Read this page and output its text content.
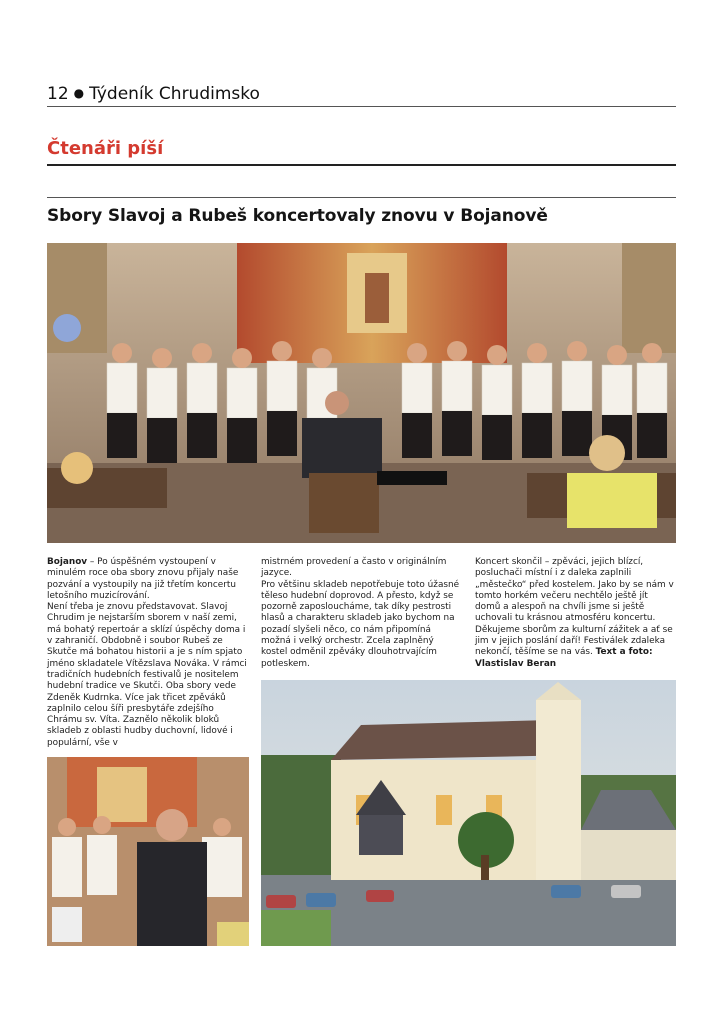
12 ● Týdeník Chrudimsko
Čtenáři píší
Sbory Slavoj a Rubeš koncertovaly znovu v Bojanově

Bojanov – Po úspěšném vystoupení v minulém roce oba sbory znovu přijaly naše pozvání a vystoupily na již třetím koncertu letošního muzicírování.

Není třeba je znovu představovat. Slavoj Chrudim je nejstarším sborem v naší zemi, má bohatý repertoár a sklízí úspěchy doma i v zahraničí. Obdobně i soubor Rubeš ze Skutče má bohatou historii a je s ním spjato jméno skladatele Vítězslava Nováka. V rámci tradičních hudebních festivalů je nositelem hudební tradice ve Skutči. Oba sbory vede Zdeněk Kudrnka. Více jak třicet zpěváků zaplnilo celou šíři presbytáře zdejšího Chrámu sv. Víta. Zaznělo několik bloků skladeb z oblasti hudby duchovní, lidové i populární, vše v

mistrném provedení a často v originálním jazyce.

Pro většinu skladeb nepotřebuje toto úžasné těleso hudební doprovod. A přesto, když se pozorně zaposloucháme, tak díky pestrosti hlasů a charakteru skladeb jako bychom na pozadí slyšeli něco, co nám připomíná možná i velký orchestr. Zcela zaplněný kostel odměnil zpěváky dlouhotrvajícím potleskem.

Koncert skončil – zpěváci, jejich blízcí, posluchači místní i z daleka zaplnili „městečko“ před kostelem. Jako by se nám v tomto horkém večeru nechtělo ještě jít domů a alespoň na chvíli jsme si ještě uchovali tu krásnou atmosféru koncertu. Děkujeme sborům za kulturní zážitek a ať se jim v jejich poslání daří! Festiválek zdaleka nekončí, těšíme se na vás. Text a foto: Vlastislav Beran
